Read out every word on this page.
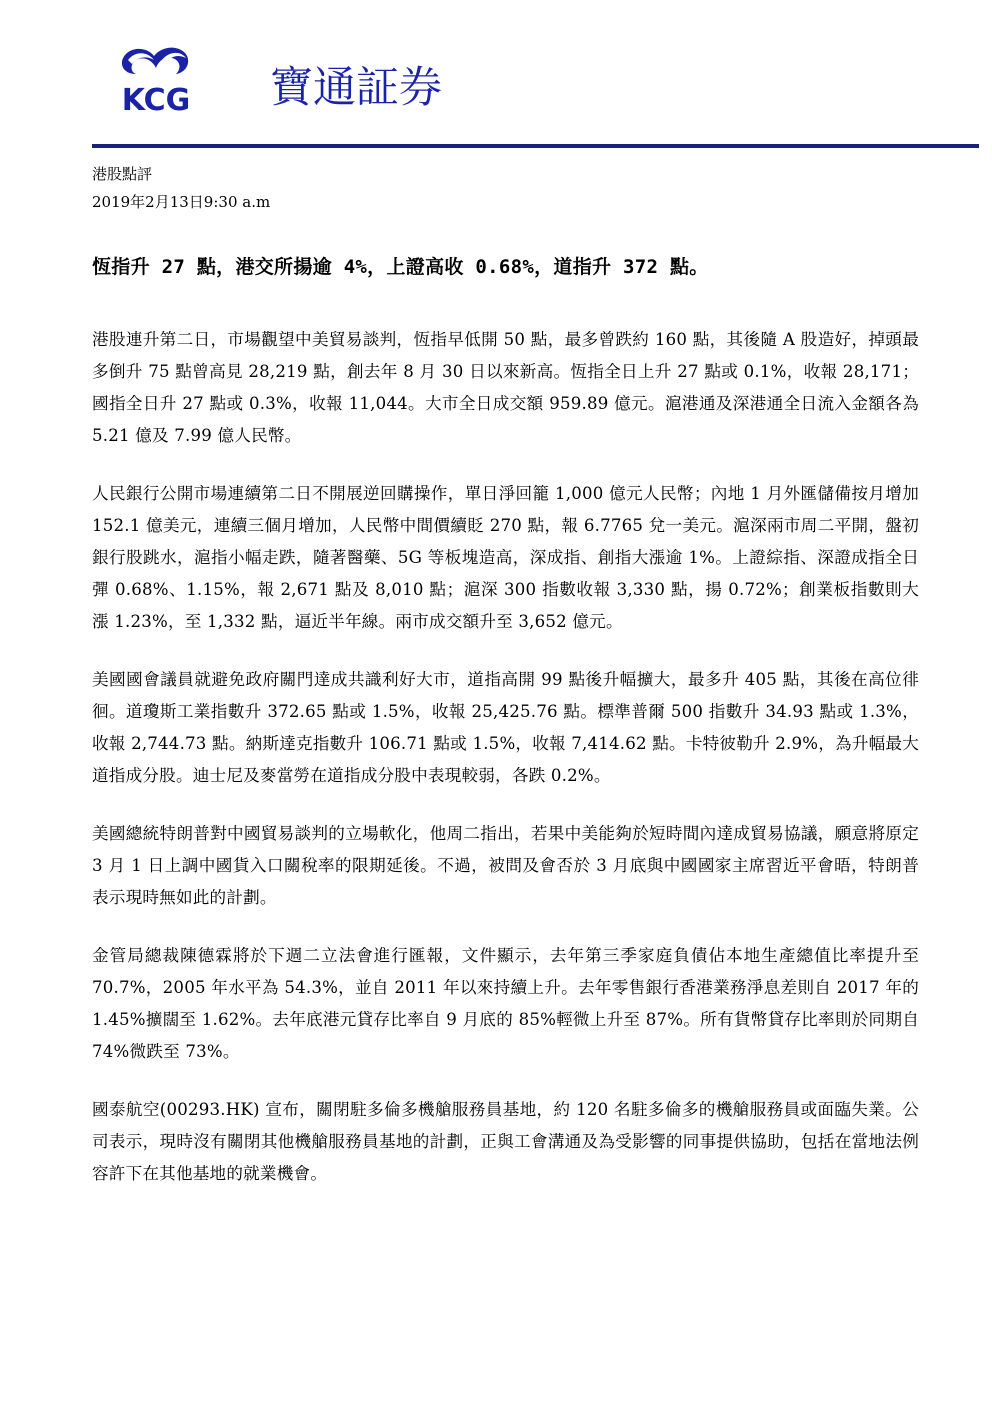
KCG 寶通証券
港股點評
2019年2月13日9:30 a.m
恆指升 27 點，港交所揚逾 4%，上證高收 0.68%，道指升 372 點。

港股連升第二日，市場觀望中美貿易談判，恆指早低開 50 點，最多曾跌約 160 點，其後隨 A 股造好，掉頭最多倒升 75 點曾高見 28,219 點，創去年 8 月 30 日以來新高。恆指全日上升 27 點或 0.1%，收報 28,171；國指全日升 27 點或 0.3%，收報 11,044。大市全日成交額 959.89 億元。滬港通及深港通全日流入金額各為 5.21 億及 7.99 億人民幣。

人民銀行公開市場連續第二日不開展逆回購操作，單日淨回籠 1,000 億元人民幣；內地 1 月外匯儲備按月增加 152.1 億美元，連續三個月增加，人民幣中間價續貶 270 點，報 6.7765 兌一美元。滬深兩市周二平開，盤初銀行股跳水，滬指小幅走跌，隨著醫藥、5G 等板塊造高，深成指、創指大漲逾 1%。上證綜指、深證成指全日彈 0.68%、1.15%，報 2,671 點及 8,010 點；滬深 300 指數收報 3,330 點，揚 0.72%；創業板指數則大漲 1.23%，至 1,332 點，逼近半年線。兩市成交額升至 3,652 億元。

美國國會議員就避免政府關門達成共識利好大市，道指高開 99 點後升幅擴大，最多升 405 點，其後在高位徘徊。道瓊斯工業指數升 372.65 點或 1.5%，收報 25,425.76 點。標準普爾 500 指數升 34.93 點或 1.3%，收報 2,744.73 點。納斯達克指數升 106.71 點或 1.5%，收報 7,414.62 點。卡特彼勒升 2.9%，為升幅最大道指成分股。迪士尼及麥當勞在道指成分股中表現較弱，各跌 0.2%。

美國總統特朗普對中國貿易談判的立場軟化，他周二指出，若果中美能夠於短時間內達成貿易協議，願意將原定 3 月 1 日上調中國貨入口關稅率的限期延後。不過，被問及會否於 3 月底與中國國家主席習近平會晤，特朗普表示現時無如此的計劃。

金管局總裁陳德霖將於下週二立法會進行匯報，文件顯示，去年第三季家庭負債佔本地生產總值比率提升至 70.7%，2005 年水平為 54.3%，並自 2011 年以來持續上升。去年零售銀行香港業務淨息差則自 2017 年的 1.45%擴闊至 1.62%。去年底港元貸存比率自 9 月底的 85%輕微上升至 87%。所有貨幣貸存比率則於同期自 74%微跌至 73%。

國泰航空(00293.HK) 宣布，關閉駐多倫多機艙服務員基地，約 120 名駐多倫多的機艙服務員或面臨失業。公司表示，現時沒有關閉其他機艙服務員基地的計劃，正與工會溝通及為受影響的同事提供協助，包括在當地法例容許下在其他基地的就業機會。
